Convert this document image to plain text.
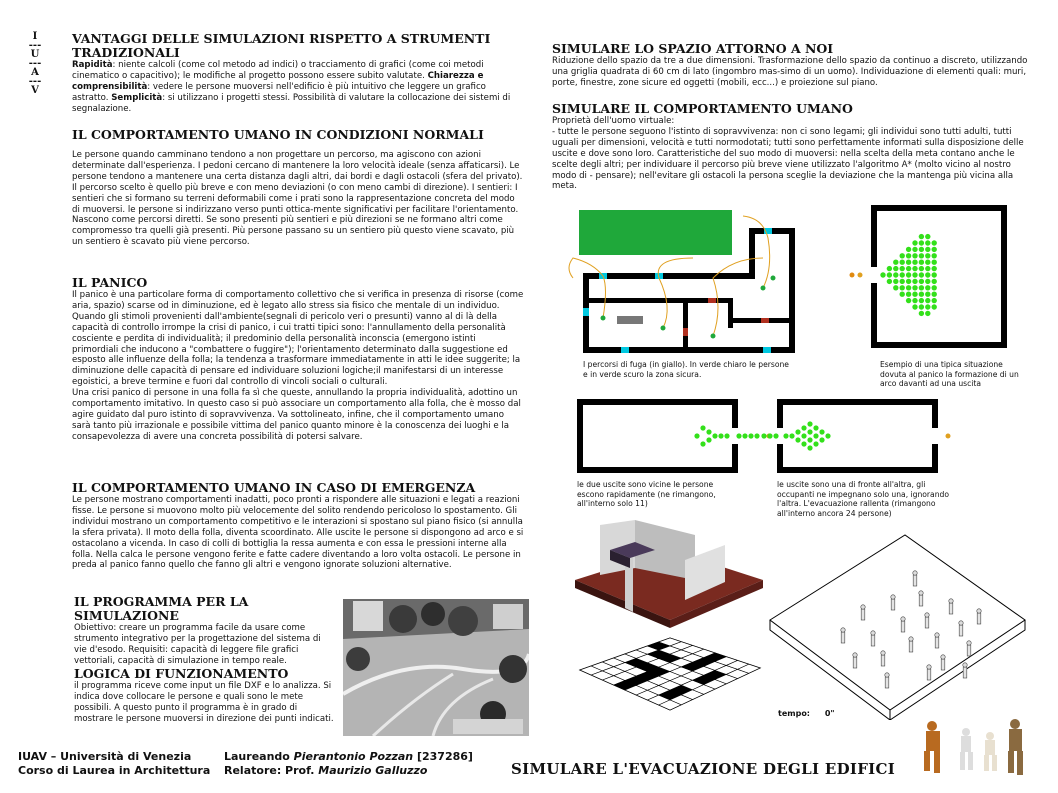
I
---
U
---
A
---
V
VANTAGGI DELLE SIMULAZIONI RISPETTO A STRUMENTI TRADIZIONALI

Rapidità: niente calcoli (come col metodo ad indici) o tracciamento di grafici (come coi metodi cinematico o capacitivo); le modifiche al progetto possono essere subito valutate. Chiarezza e comprensibilità: vedere le persone muoversi nell'edificio è più intuitivo che leggere un grafico astratto. Semplicità: si utilizzano i progetti stessi. Possibilità di valutare la collocazione dei sistemi di segnalazione.

IL COMPORTAMENTO UMANO IN CONDIZIONI NORMALI

Le persone quando camminano tendono a non progettare un percorso, ma agiscono con azioni determinate dall'esperienza. I pedoni cercano di mantenere la loro velocità ideale (senza affaticarsi). Le persone tendono a mantenere una certa distanza dagli altri, dai bordi e dagli ostacoli (sfera del privato). Il percorso scelto è quello più breve e con meno deviazioni (o con meno cambi di direzione). I sentieri: I sentieri che si formano su terreni deformabili come i prati sono la rappresentazione concreta del modo di muoversi. le persone si indirizzano verso punti ottica-mente significativi per facilitare l'orientamento. Nascono come percorsi diretti. Se sono presenti più sentieri e più direzioni se ne formano altri come compromesso tra quelli già presenti. Più persone passano su un sentiero più questo viene scavato, più un sentiero è scavato più viene percorso.

IL PANICO

Il panico è una particolare forma di comportamento collettivo che si verifica in presenza di risorse (come aria, spazio) scarse od in diminuzione, ed è legato allo stress sia fisico che mentale di un individuo. Quando gli stimoli provenienti dall'ambiente(segnali di pericolo veri o presunti) vanno al di là della capacità di controllo irrompe la crisi di panico, i cui tratti tipici sono: l'annullamento della personalità cosciente e perdita di individualità; il predominio della personalità inconscia (emergono istinti primordiali che inducono a "combattere o fuggire"); l'orientamento determinato dalla suggestione ed esposto alle influenze della folla; la tendenza a trasformare immediatamente in atti le idee suggerite; la diminuzione delle capacità di pensare ed individuare soluzioni logiche;il manifestarsi di un interesse egoistici, a breve termine e fuori dal controllo di vincoli sociali o culturali.

Una crisi panico di persone in una folla fa sì che queste, annullando la propria individualità, adottino un comportamento imitativo. In questo caso si può associare un comportamento alla folla, che è mosso dal agire guidato dal puro istinto di sopravvivenza. Va sottolineato, infine, che il comportamento umano sarà tanto più irrazionale e possibile vittima del panico quanto minore è la conoscenza dei luoghi e la consapevolezza di avere una concreta possibilità di potersi salvare.

IL COMPORTAMENTO UMANO IN CASO DI EMERGENZA

Le persone mostrano comportamenti inadatti, poco pronti a rispondere alle situazioni e legati a reazioni fisse. Le persone si muovono molto più velocemente del solito rendendo pericoloso lo spostamento. Gli individui mostrano un comportamento competitivo e le interazioni si spostano sul piano fisico (si annulla la sfera privata). Il moto della folla, diventa scoordinato. Alle uscite le persone si dispongono ad arco e si ostacolano a vicenda. In caso di colli di bottiglia la ressa aumenta e con essa le pressioni interne alla folla. Nella calca le persone vengono ferite e fatte cadere diventando a loro volta ostacoli. Le persone in preda al panico fanno quello che fanno gli altri e vengono ignorate soluzioni alternative.

IL PROGRAMMA PER LA SIMULAZIONE

Obiettivo: creare un programma facile da usare come strumento integrativo per la progettazione del sistema di vie d'esodo. Requisiti: capacità di leggere file grafici vettoriali, capacità di simulazione in tempo reale.

LOGICA DI FUNZIONAMENTO

il programma riceve come input un file DXF e lo analizza. Si indica dove collocare le persone e quali sono le mete possibili. A questo punto il programma è in grado di mostrare le persone muoversi in direzione dei punti indicati.

SIMULARE LO SPAZIO ATTORNO A NOI

Riduzione dello spazio da tre a due dimensioni. Trasformazione dello spazio da continuo a discreto, utilizzando una griglia quadrata di 60 cm di lato (ingombro mas-simo di un uomo). Individuazione di elementi quali: muri, porte, finestre, zone sicure ed oggetti (mobili, ecc...) e proiezione sul piano.

SIMULARE IL COMPORTAMENTO UMANO

Proprietà dell'uomo virtuale:
- tutte le persone seguono l'istinto di sopravvivenza: non ci sono legami; gli individui sono tutti adulti, tutti uguali per dimensioni, velocità e tutti normodotati; tutti sono perfettamente informati sulla disposizione delle uscite e dove sono loro. Caratteristiche del suo modo di muoversi: nella scelta della meta contano anche le scelte degli altri; per individuare il percorso più breve viene utilizzato l'algoritmo A* (molto vicino al nostro modo di - pensare); nell'evitare gli ostacoli la persona sceglie la deviazione che la mantenga più vicina alla meta.

I percorsi di fuga (in giallo). In verde chiaro le persone e in verde scuro la zona sicura.
Esempio di una tipica situazione dovuta al panico la formazione di un arco davanti ad una uscita
le due uscite sono vicine le persone escono rapidamente (ne rimangono, all'interno solo 11)
le uscite sono una di fronte all'altra, gli occupanti ne impegnano solo una, ignorando l'altra. L'evacuazione rallenta (rimangono all'interno ancora 24 persone)
tempo: 0"
IUAV – Università di Venezia
Corso di Laurea in Architettura
Laureando Pierantonio Pozzan [237286]
Relatore: Prof. Maurizio Galluzzo	SIMULARE L'EVACUAZIONE DEGLI EDIFICI
